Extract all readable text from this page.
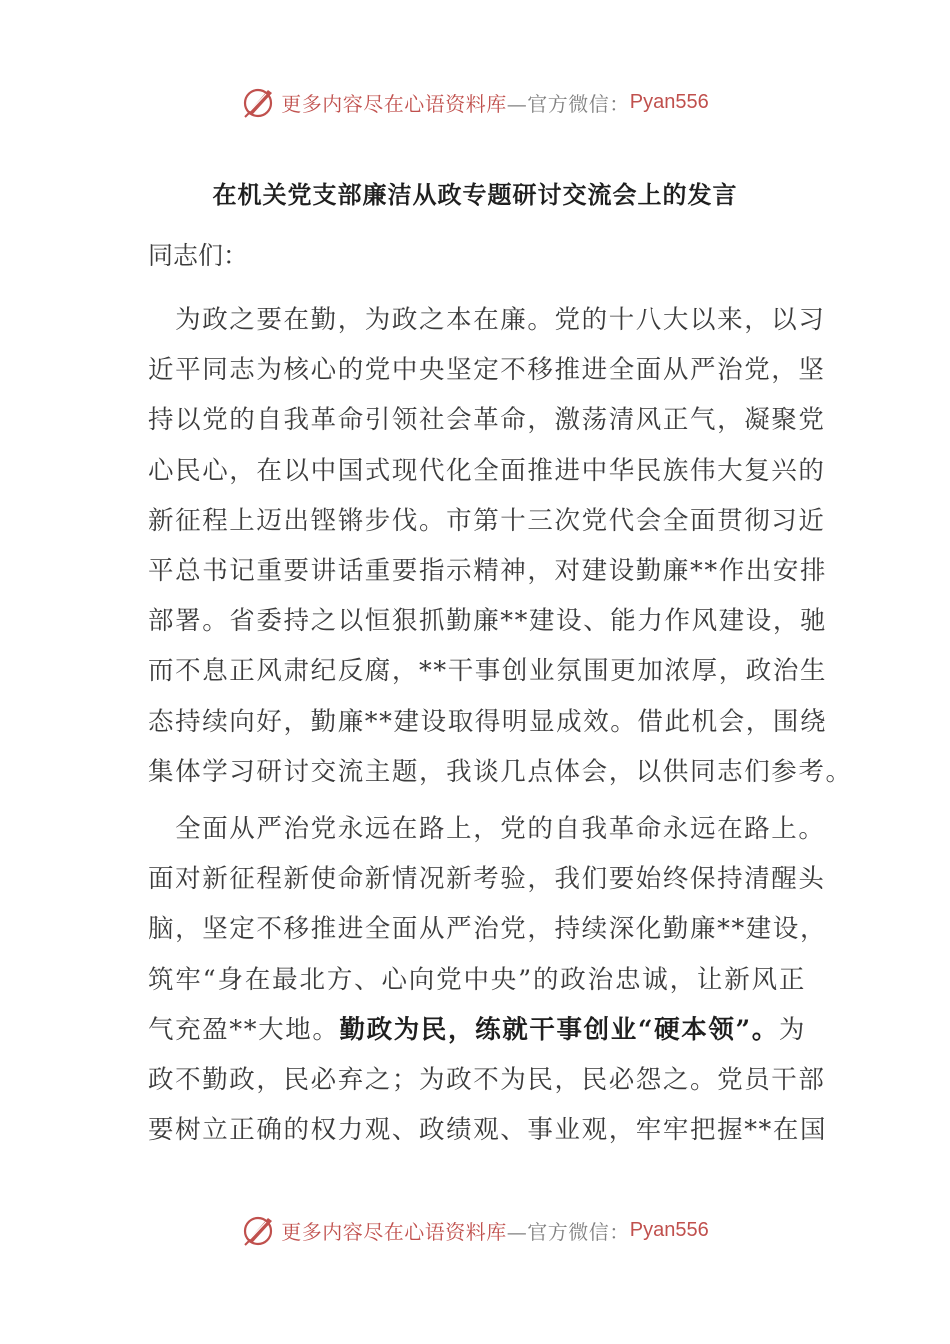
更多内容尽在心语资料库 —官方微信： Pyan556
在机关党支部廉洁从政专题研讨交流会上的发言

同志们：

　为政之要在勤，为政之本在廉。党的十八大以来，以习
近平同志为核心的党中央坚定不移推进全面从严治党，坚
持以党的自我革命引领社会革命，激荡清风正气，凝聚党
心民心，在以中国式现代化全面推进中华民族伟大复兴的
新征程上迈出铿锵步伐。市第十三次党代会全面贯彻习近
平总书记重要讲话重要指示精神，对建设勤廉**作出安排
部署。省委持之以恒狠抓勤廉**建设、能力作风建设，驰
而不息正风肃纪反腐，**干事创业氛围更加浓厚，政治生
态持续向好，勤廉**建设取得明显成效。借此机会，围绕
集体学习研讨交流主题，我谈几点体会，以供同志们参考。
　全面从严治党永远在路上，党的自我革命永远在路上。
面对新征程新使命新情况新考验，我们要始终保持清醒头
脑，坚定不移推进全面从严治党，持续深化勤廉**建设，
筑牢“身在最北方、心向党中央”的政治忠诚，让新风正
气充盈**大地。勤政为民，练就干事创业“硬本领”。为
政不勤政，民必弃之；为政不为民，民必怨之。党员干部
要树立正确的权力观、政绩观、事业观，牢牢把握**在国
更多内容尽在心语资料库 —官方微信： Pyan556
